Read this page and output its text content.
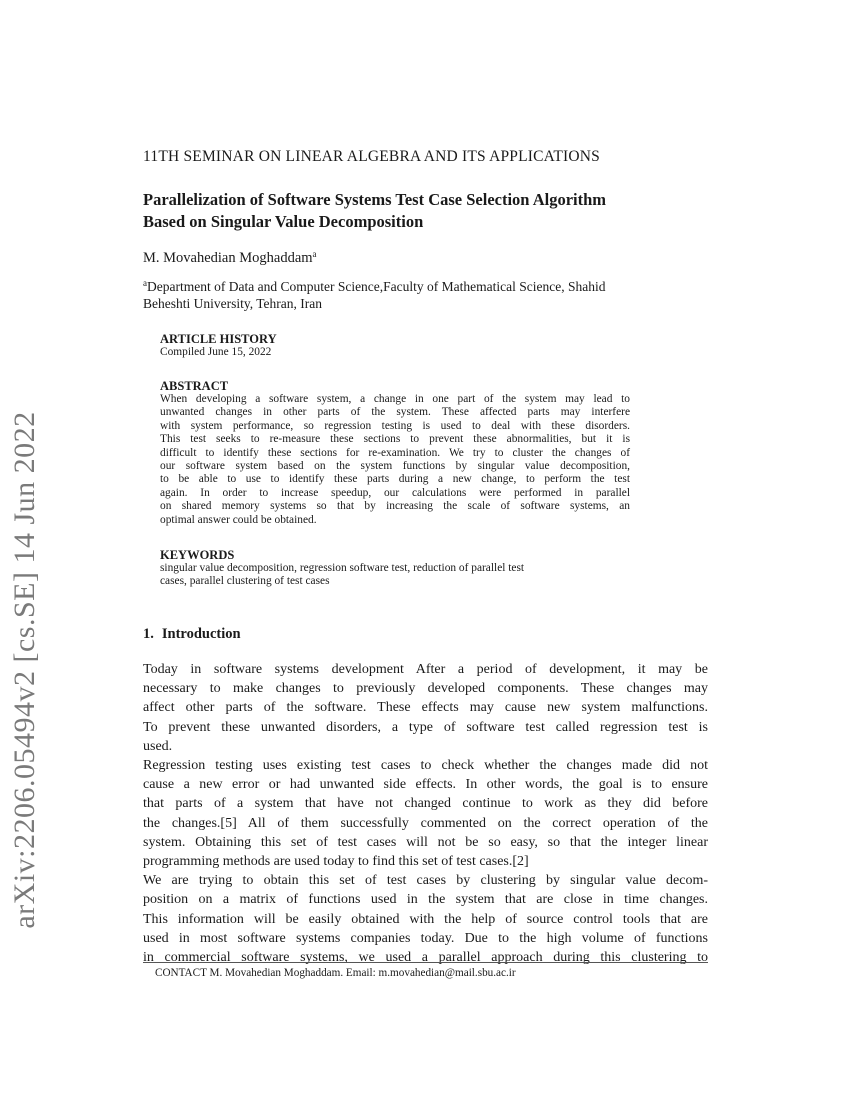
arXiv:2206.05494v2 [cs.SE] 14 Jun 2022
11TH SEMINAR ON LINEAR ALGEBRA AND ITS APPLICATIONS
Parallelization of Software Systems Test Case Selection Algorithm
Based on Singular Value Decomposition
M. Movahedian Moghaddam$^a$
$^a$Department of Data and Computer Science,Faculty of Mathematical Science, Shahid
Beheshti University, Tehran, Iran
ARTICLE HISTORY
Compiled June 15, 2022
ABSTRACT
When developing a software system, a change in one part of the system may lead to
unwanted changes in other parts of the system. These affected parts may interfere
with system performance, so regression testing is used to deal with these disorders.
This test seeks to re-measure these sections to prevent these abnormalities, but it is
difficult to identify these sections for re-examination. We try to cluster the changes of
our software system based on the system functions by singular value decomposition,
to be able to use to identify these parts during a new change, to perform the test
again. In order to increase speedup, our calculations were performed in parallel
on shared memory systems so that by increasing the scale of software systems, an
optimal answer could be obtained.
KEYWORDS
singular value decomposition, regression software test, reduction of parallel test
cases, parallel clustering of test cases
1. Introduction
Today in software systems development After a period of development, it may be
necessary to make changes to previously developed components. These changes may
affect other parts of the software. These effects may cause new system malfunctions.
To prevent these unwanted disorders, a type of software test called regression test is
used.
Regression testing uses existing test cases to check whether the changes made did not
cause a new error or had unwanted side effects. In other words, the goal is to ensure
that parts of a system that have not changed continue to work as they did before
the changes.[5] All of them successfully commented on the correct operation of the
system. Obtaining this set of test cases will not be so easy, so that the integer linear
programming methods are used today to find this set of test cases.[2]
We are trying to obtain this set of test cases by clustering by singular value decom-
position on a matrix of functions used in the system that are close in time changes.
This information will be easily obtained with the help of source control tools that are
used in most software systems companies today. Due to the high volume of functions
in commercial software systems, we used a parallel approach during this clustering to
CONTACT M. Movahedian Moghaddam. Email: m.movahedian@mail.sbu.ac.ir
